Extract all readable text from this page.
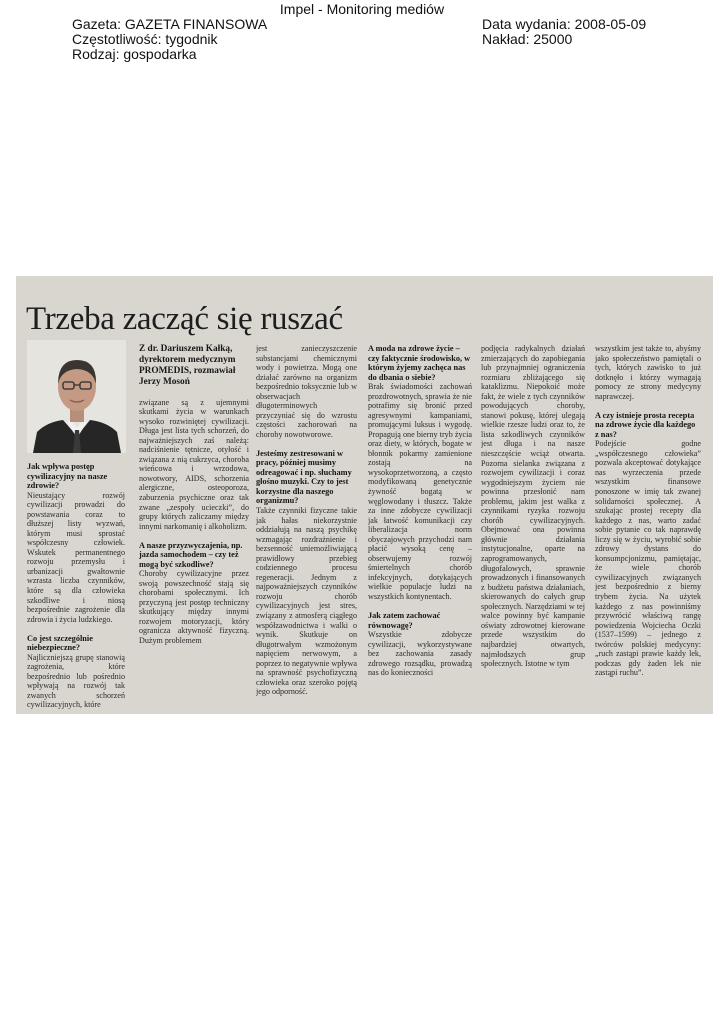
Impel - Monitoring mediów
Gazeta: GAZETA FINANSOWA
Częstotliwość: tygodnik
Rodzaj: gospodarka
Data wydania: 2008-05-09
Nakład: 25000
Trzeba zacząć się ruszać
Jak wpływa postęp cywilizacyjny na nasze zdrowie?

Nieustający rozwój cywilizacji prowadzi do powstawania coraz to dłuższej listy wyzwań, którym musi sprostać współczesny człowiek. Wskutek permanentnego rozwoju przemysłu i urbanizacji gwałtownie wzrasta liczba czynników, które są dla człowieka szkodliwe i niosą bezpośrednie zagrożenie dla zdrowia i życia ludzkiego.

Co jest szczególnie niebezpieczne?

Najliczniejszą grupę stanowią zagrożenia, które bezpośrednio lub pośrednio wpływają na rozwój tak zwanych schorzeń cywilizacyjnych, które

Z dr. Dariuszem Kałką, dyrektorem medycznym PROMEDIS, rozmawiał Jerzy Mosoń

związane są z ujemnymi skutkami życia w warunkach wysoko rozwiniętej cywilizacji. Długa jest lista tych schorzeń, do najważniejszych zaś należą: nadciśnienie tętnicze, otyłość i związana z nią cukrzyca, choroba wieńcowa i wrzodowa, nowotwory, AIDS, schorzenia alergiczne, osteoporoza, zaburzenia psychiczne oraz tak zwane „zespoły ucieczki”, do grupy których zaliczamy między innymi narkomanię i alkoholizm.

A nasze przyzwyczajenia, np. jazda samochodem – czy też mogą być szkodliwe?

Choroby cywilizacyjne przez swoją powszechność stają się chorobami społecznymi. Ich przyczyną jest postęp techniczny skutkujący między innymi rozwojem motoryzacji, który ogranicza aktywność fizyczną. Dużym problemem

jest zanieczyszczenie substancjami chemicznymi wody i powietrza. Mogą one działać zarówno na organizm bezpośrednio toksycznie lub w obserwacjach długoterminowych przyczyniać się do wzrostu częstości zachorowań na choroby nowotworowe.

Jesteśmy zestresowani w pracy, później musimy odreagować i np. słuchamy głośno muzyki. Czy to jest korzystne dla naszego organizmu?

Także czynniki fizyczne takie jak hałas niekorzystnie oddziałują na naszą psychikę wzmagając rozdrażnienie i bezsenność uniemożliwiającą prawidłowy przebieg codziennego procesu regeneracji. Jednym z najpoważniejszych czynników rozwoju chorób cywilizacyjnych jest stres, związany z atmosferą ciągłego współzawodnictwa i walki o wynik. Skutkuje on długotrwałym wzmożonym napięciem nerwowym, a poprzez to negatywnie wpływa na sprawność psychofizyczną człowieka oraz szeroko pojętą jego odporność.

A moda na zdrowe życie – czy faktycznie środowisko, w którym żyjemy zachęca nas do dbania o siebie?

Brak świadomości zachowań prozdrowotnych, sprawia że nie potrafimy się bronić przed agresywnymi kampaniami, promującymi luksus i wygodę. Propagują one bierny tryb życia oraz diety, w których, bogate w błonnik pokarmy zamienione zostają na wysokoprzetworzoną, a często modyfikowaną genetycznie żywność bogatą w węglowodany i tłuszcz. Także za inne zdobycze cywilizacji jak łatwość komunikacji czy liberalizacja norm obyczajowych przychodzi nam płacić wysoką cenę – obserwujemy rozwój śmiertelnych chorób infekcyjnych, dotykających wielkie populacje ludzi na wszystkich kontynentach.

Jak zatem zachować równowagę?

Wszystkie zdobycze cywilizacji, wykorzystywane bez zachowania zasady zdrowego rozsądku, prowadzą nas do konieczności

podjęcia radykalnych działań zmierzających do zapobiegania lub przynajmniej ograniczenia rozmiaru zbliżającego się kataklizmu. Niepokoić może fakt, że wiele z tych czynników powodujących choroby, stanowi pokusę, której ulegają wielkie rzesze ludzi oraz to, że lista szkodliwych czynników jest długa i na nasze nieszczęście wciąż otwarta. Pozorna sielanka związana z rozwojem cywilizacji i coraz wygodniejszym życiem nie powinna przesłonić nam problemu, jakim jest walka z czynnikami ryzyka rozwoju chorób cywilizacyjnych. Obejmować ona powinna głównie działania instytucjonalne, oparte na zaprogramowanych, długofalowych, sprawnie prowadzonych i finansowanych z budżetu państwa działaniach, skierowanych do całych grup społecznych. Narzędziami w tej walce powinny być kampanie oświaty zdrowotnej kierowane przede wszystkim do najbardziej otwartych, najmłodszych grup społecznych. Istotne w tym

wszystkim jest także to, abyśmy jako społeczeństwo pamiętali o tych, których zawisko to już dotknęło i którzy wymagają pomocy ze strony medycyny naprawczej.

A czy istnieje prosta recepta na zdrowe życie dla każdego z nas?

Podejście godne „współczesnego człowieka” pozwala akceptować dotykające nas wyrzeczenia przede wszystkim finansowe ponoszone w imię tak zwanej solidarności społecznej. A szukając prostej recepty dla każdego z nas, warto zadać sobie pytanie co tak naprawdę liczy się w życiu, wyrobić sobie zdrowy dystans do konsumpcjonizmu, pamiętając, że wiele chorób cywilizacyjnych związanych jest bezpośrednio z bierny trybem życia. Na użytek każdego z nas powinniśmy przywrócić właściwą rangę powiedzenia Wojciecha Oczki (1537–1599) – jednego z twórców polskiej medycyny: „ruch zastąpi prawie każdy lek, podczas gdy żaden lek nie zastąpi ruchu”.
